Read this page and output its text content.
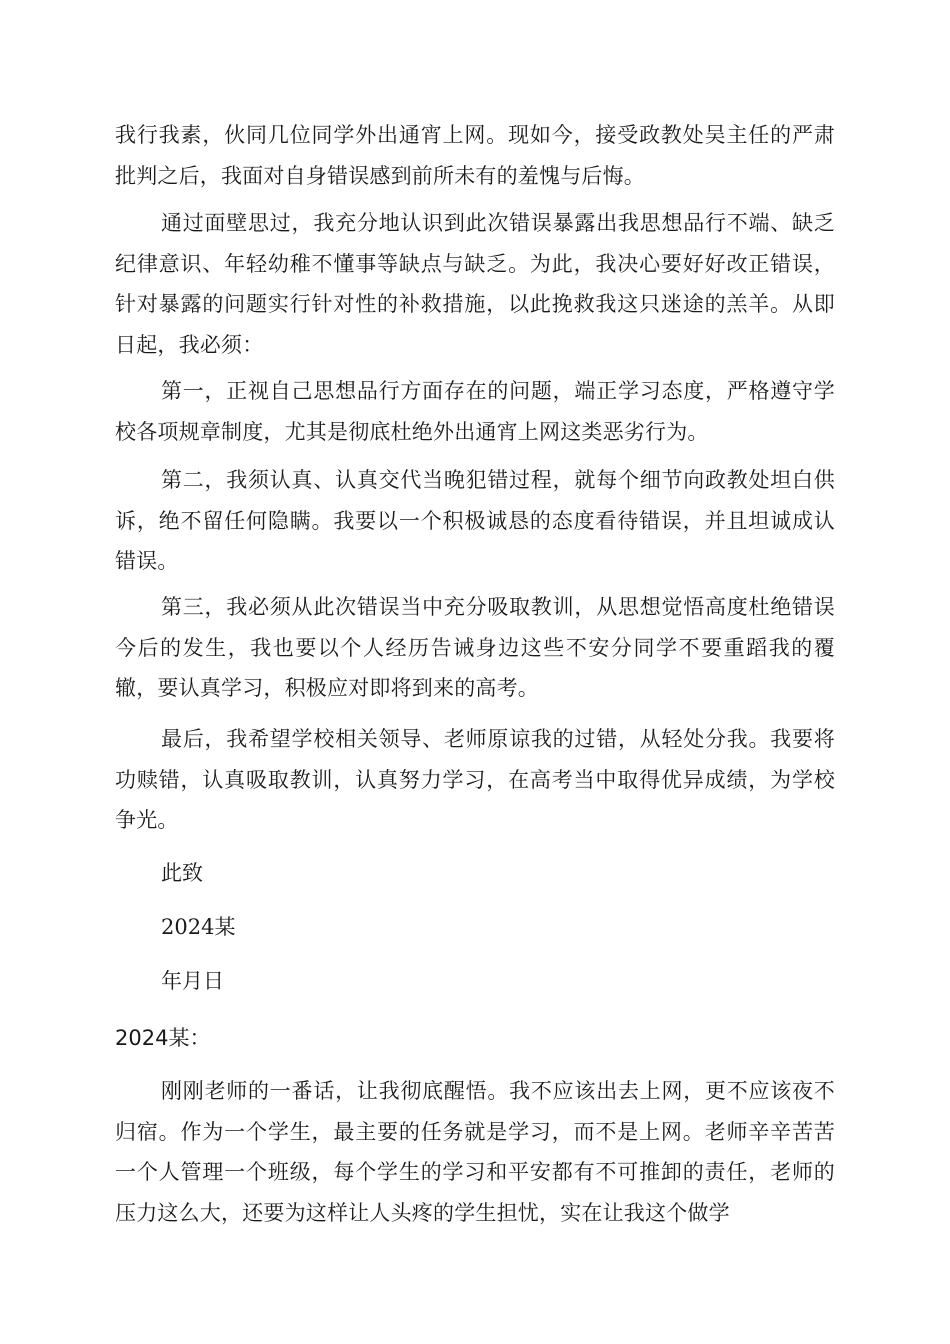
我行我素，伙同几位同学外出通宵上网。现如今，接受政教处吴主任的严肃批判之后，我面对自身错误感到前所未有的羞愧与后悔。

通过面壁思过，我充分地认识到此次错误暴露出我思想品行不端、缺乏纪律意识、年轻幼稚不懂事等缺点与缺乏。为此，我决心要好好改正错误，针对暴露的问题实行针对性的补救措施，以此挽救我这只迷途的羔羊。从即日起，我必须：

第一，正视自己思想品行方面存在的问题，端正学习态度，严格遵守学校各项规章制度，尤其是彻底杜绝外出通宵上网这类恶劣行为。

第二，我须认真、认真交代当晚犯错过程，就每个细节向政教处坦白供诉，绝不留任何隐瞒。我要以一个积极诚恳的态度看待错误，并且坦诚成认错误。

第三，我必须从此次错误当中充分吸取教训，从思想觉悟高度杜绝错误今后的发生，我也要以个人经历告诫身边这些不安分同学不要重蹈我的覆辙，要认真学习，积极应对即将到来的高考。

最后，我希望学校相关领导、老师原谅我的过错，从轻处分我。我要将功赎错，认真吸取教训，认真努力学习，在高考当中取得优异成绩，为学校争光。

此致

2024某

年月日

2024某：

刚刚老师的一番话，让我彻底醒悟。我不应该出去上网，更不应该夜不归宿。作为一个学生，最主要的任务就是学习，而不是上网。老师辛辛苦苦一个人管理一个班级，每个学生的学习和平安都有不可推卸的责任，老师的压力这么大，还要为这样让人头疼的学生担忧，实在让我这个做学
